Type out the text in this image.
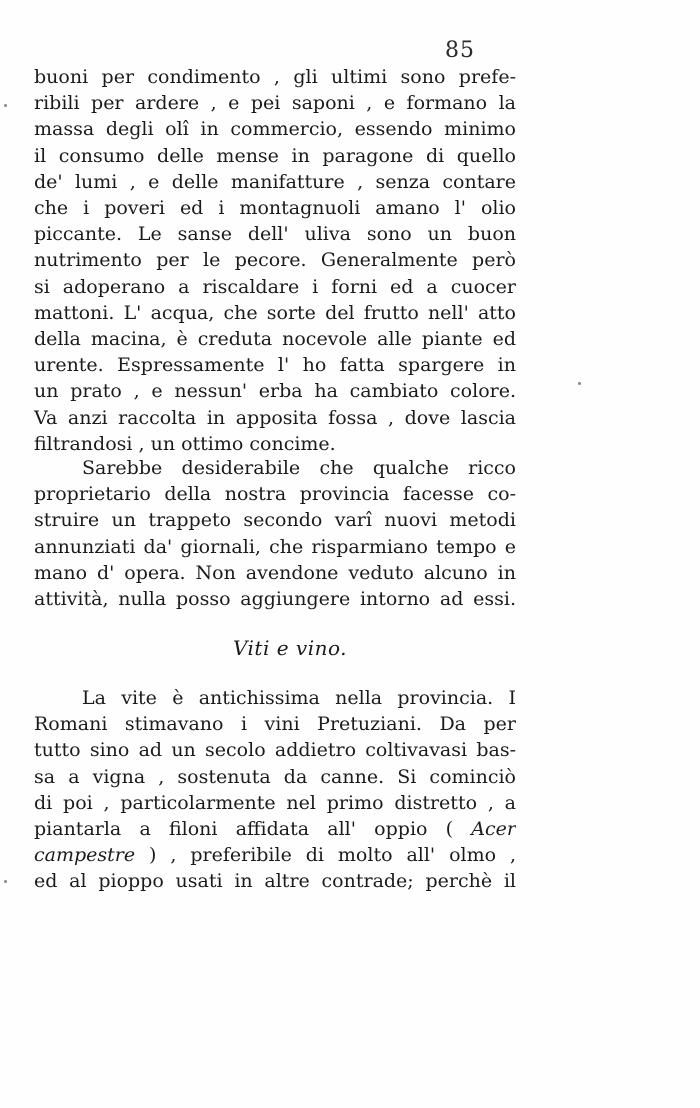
85
buoni per condimento , gli ultimi sono prefe-
ribili per ardere , e pei saponi , e formano la
massa degli olî in commercio, essendo minimo
il consumo delle mense in paragone di quello
de' lumi , e delle manifatture , senza contare
che i poveri ed i montagnuoli amano l' olio
piccante. Le sanse dell' uliva sono un buon
nutrimento per le pecore. Generalmente però
si adoperano a riscaldare i forni ed a cuocer
mattoni. L' acqua, che sorte del frutto nell' atto
della macina, è creduta nocevole alle piante ed
urente. Espressamente l' ho fatta spargere in
un prato , e nessun' erba ha cambiato colore.
Va anzi raccolta in apposita fossa , dove lascia
filtrandosi , un ottimo concime.
Sarebbe desiderabile che qualche ricco
proprietario della nostra provincia facesse co-
struire un trappeto secondo varî nuovi metodi
annunziati da' giornali, che risparmiano tempo e
mano d' opera. Non avendone veduto alcuno in
attività, nulla posso aggiungere intorno ad essi.
Viti e vino.
La vite è antichissima nella provincia. I
Romani stimavano i vini Pretuziani. Da per
tutto sino ad un secolo addietro coltivavasi bas-
sa a vigna , sostenuta da canne. Si cominciò
di poi , particolarmente nel primo distretto , a
piantarla a filoni affidata all' oppio ( Acer
campestre ) , preferibile di molto all' olmo ,
ed al pioppo usati in altre contrade; perchè il
